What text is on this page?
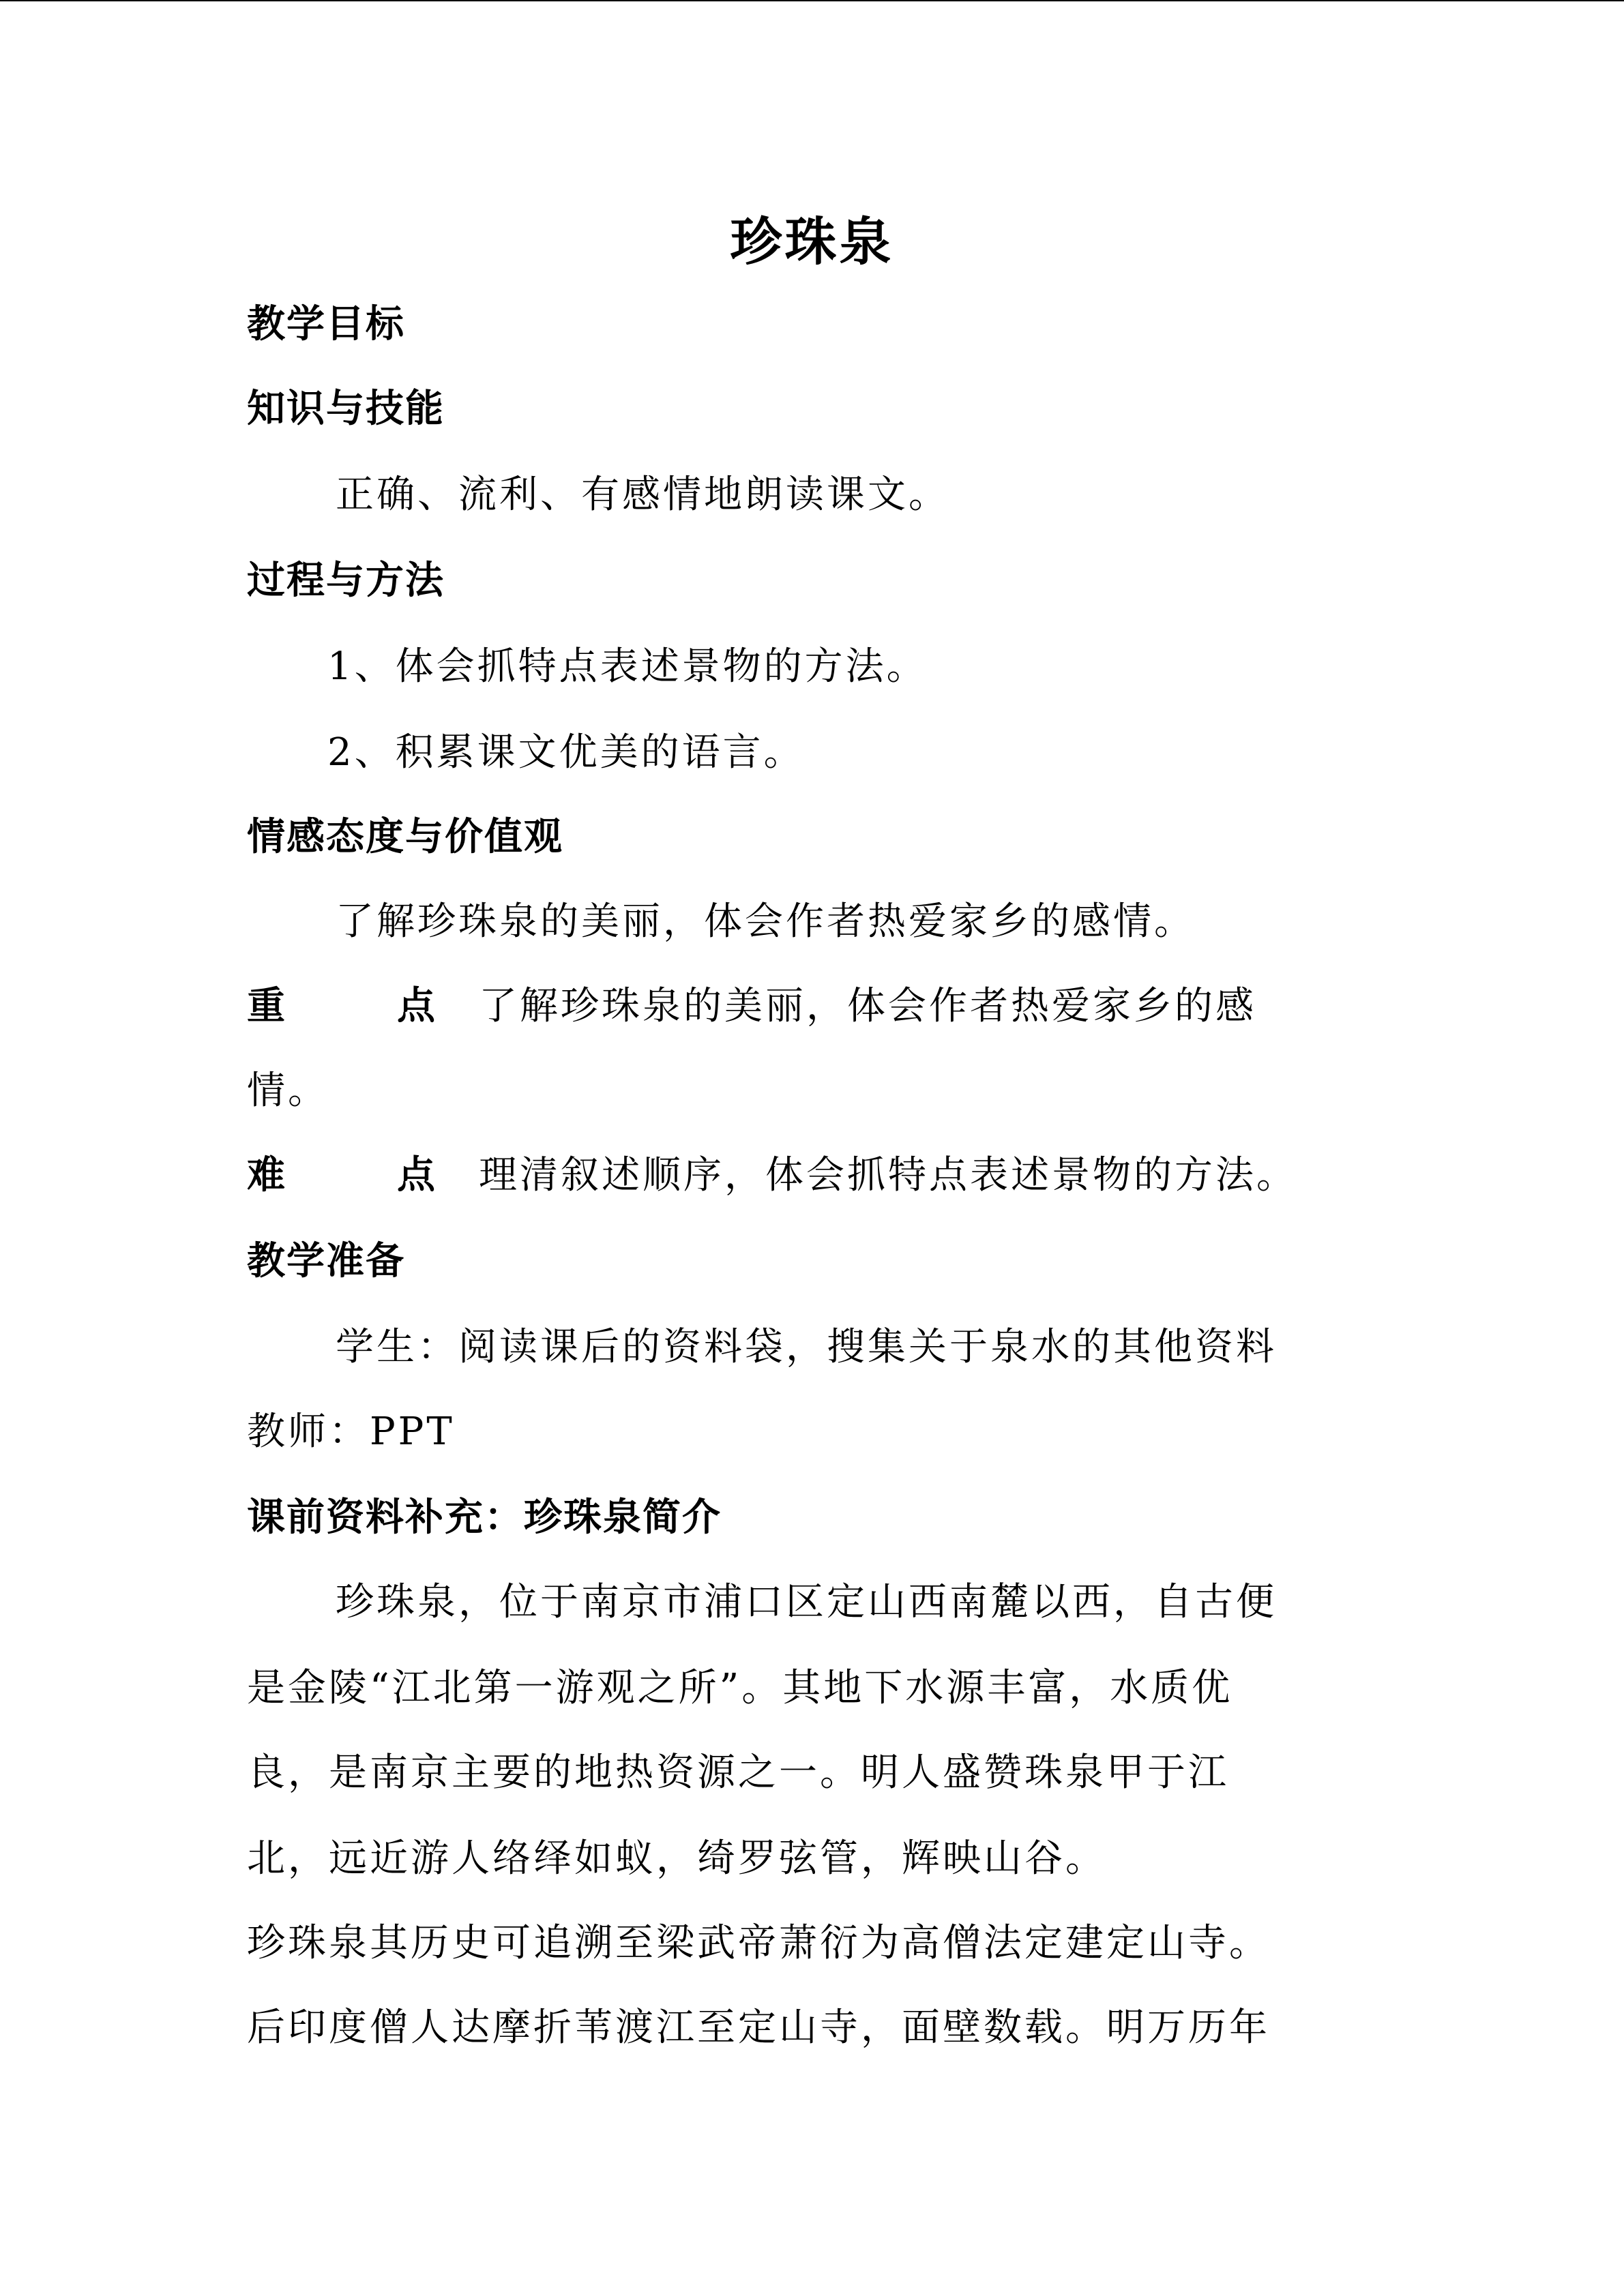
珍珠泉
教学目标
知识与技能
正确、流利、有感情地朗读课文。
过程与方法
1、体会抓特点表述景物的方法。
2、积累课文优美的语言。
情感态度与价值观
了解珍珠泉的美丽，体会作者热爱家乡的感情。
重	点 了解珍珠泉的美丽，体会作者热爱家乡的感
情。
难	点 理清叙述顺序，体会抓特点表述景物的方法。
教学准备
学生：阅读课后的资料袋，搜集关于泉水的其他资料
教师：PPT
课前资料补充：珍珠泉简介
珍珠泉，位于南京市浦口区定山西南麓以西，自古便
是金陵“江北第一游观之所”。其地下水源丰富，水质优
良，是南京主要的地热资源之一。明人盛赞珠泉甲于江
北，远近游人络绎如蚁，绮罗弦管，辉映山谷。
珍珠泉其历史可追溯至梁武帝萧衍为高僧法定建定山寺。
后印度僧人达摩折苇渡江至定山寺，面壁数载。明万历年
